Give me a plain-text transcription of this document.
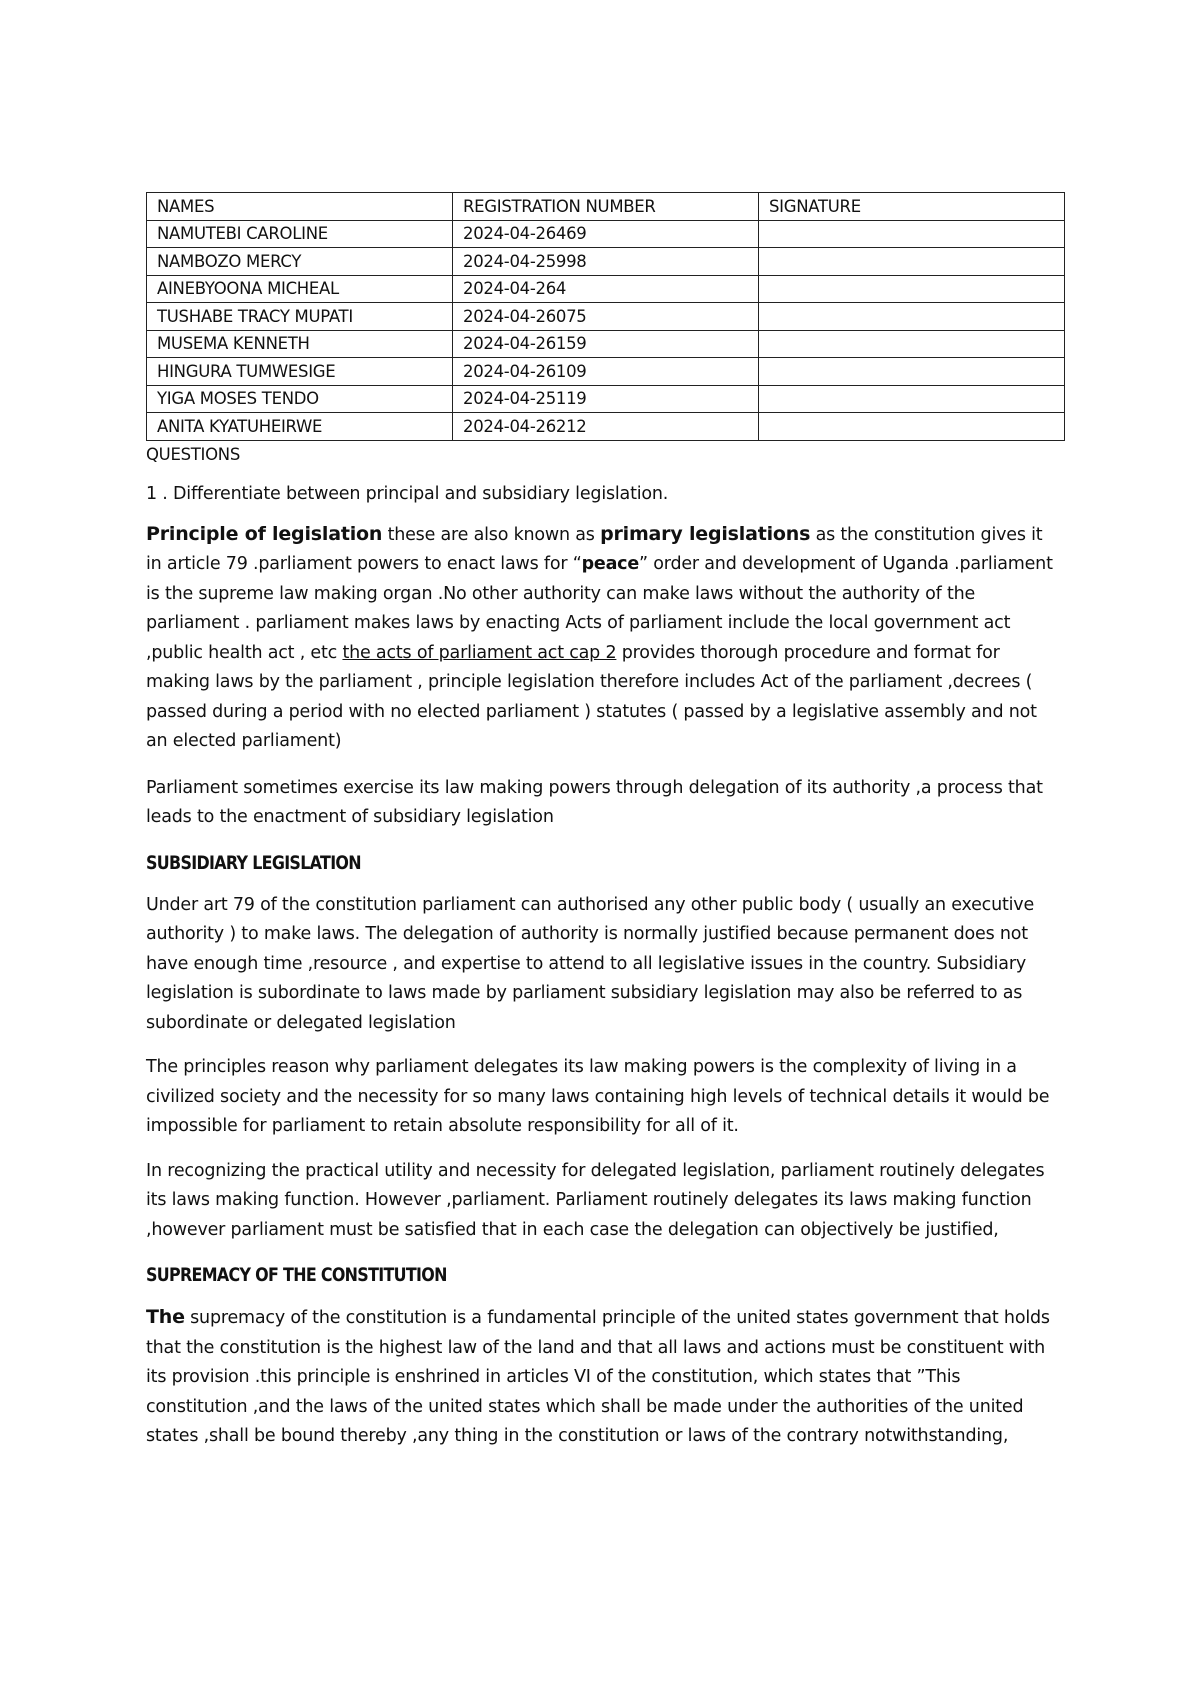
NAMES	REGISTRATION NUMBER	SIGNATURE
NAMUTEBI CAROLINE	2024-04-26469	
NAMBOZO MERCY	2024-04-25998	
AINEBYOONA MICHEAL	2024-04-264	
TUSHABE TRACY MUPATI	2024-04-26075	
MUSEMA KENNETH	2024-04-26159	
HINGURA TUMWESIGE	2024-04-26109	
YIGA MOSES TENDO	2024-04-25119	
ANITA KYATUHEIRWE	2024-04-26212	
QUESTIONS
1 . Differentiate between principal and subsidiary legislation.

Principle of legislation these are also known as primary legislations as the constitution gives it in article 79 .parliament powers to enact laws for “peace” order and development of Uganda .parliament is the supreme law making organ .No other authority can make laws without the authority of the parliament . parliament makes laws by enacting Acts of parliament include the local government act ,public health act , etc the acts of parliament act cap 2 provides thorough procedure and format for making laws by the parliament , principle legislation therefore includes Act of the parliament ,decrees ( passed during a period with no elected parliament ) statutes ( passed by a legislative assembly and not an elected parliament)

Parliament sometimes exercise its law making powers through delegation of its authority ,a process that leads to the enactment of subsidiary legislation

SUBSIDIARY LEGISLATION

Under art 79 of the constitution parliament can authorised any other public body ( usually an executive authority ) to make laws. The delegation of authority is normally justified because permanent does not have enough time ,resource , and expertise to attend to all legislative issues in the country. Subsidiary legislation is subordinate to laws made by parliament subsidiary legislation may also be referred to as subordinate or delegated legislation

The principles reason why parliament delegates its law making powers is the complexity of living in a civilized society and the necessity for so many laws containing high levels of technical details it would be impossible for parliament to retain absolute responsibility for all of it.

In recognizing the practical utility and necessity for delegated legislation, parliament routinely delegates its laws making function. However ,parliament. Parliament routinely delegates its laws making function ,however parliament must be satisfied that in each case the delegation can objectively be justified,

SUPREMACY OF THE CONSTITUTION

The supremacy of the constitution is a fundamental principle of the united states government that holds that the constitution is the highest law of the land and that all laws and actions must be constituent with its provision .this principle is enshrined in articles VI of the constitution, which states that ”This constitution ,and the laws of the united states which shall be made under the authorities of the united states ,shall be bound thereby ,any thing in the constitution or laws of the contrary notwithstanding,
